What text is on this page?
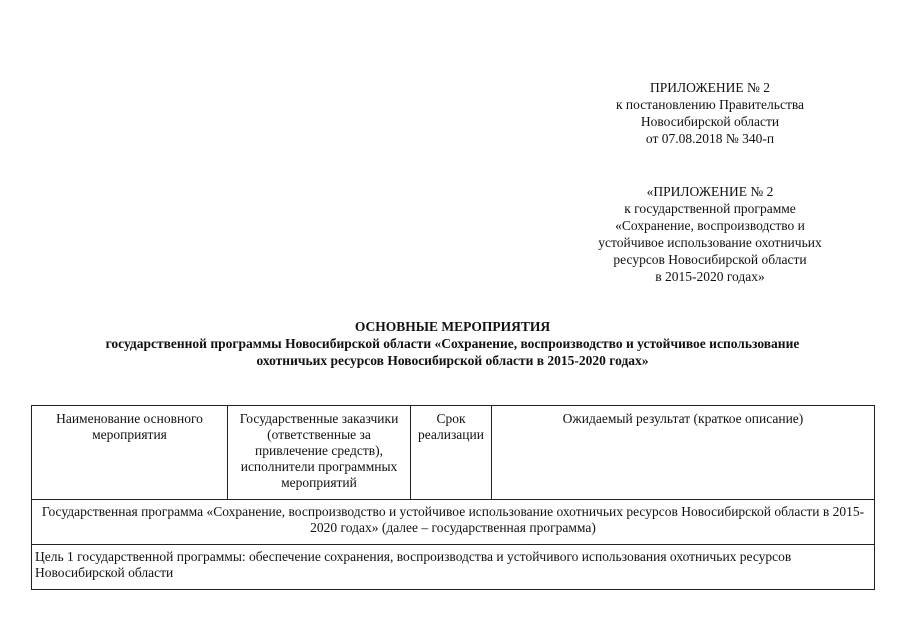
ПРИЛОЖЕНИЕ № 2
к постановлению Правительства
Новосибирской области
от 07.08.2018 № 340-п
«ПРИЛОЖЕНИЕ № 2
к государственной программе
«Сохранение, воспроизводство и
устойчивое использование охотничьих
ресурсов Новосибирской области
в 2015-2020 годах»
ОСНОВНЫЕ МЕРОПРИЯТИЯ
государственной программы Новосибирской области «Сохранение, воспроизводство и устойчивое использование
охотничьих ресурсов Новосибирской области в 2015-2020 годах»
Наименование основного мероприятия	Государственные заказчики (ответственные за привлечение средств), исполнители программных мероприятий	Срок реализации	Ожидаемый результат (краткое описание)
Государственная программа «Сохранение, воспроизводство и устойчивое использование охотничьих ресурсов Новосибирской области в 2015-2020 годах» (далее – государственная программа)
Цель 1 государственной программы: обеспечение сохранения, воспроизводства и устойчивого использования охотничьих ресурсов Новосибирской области
